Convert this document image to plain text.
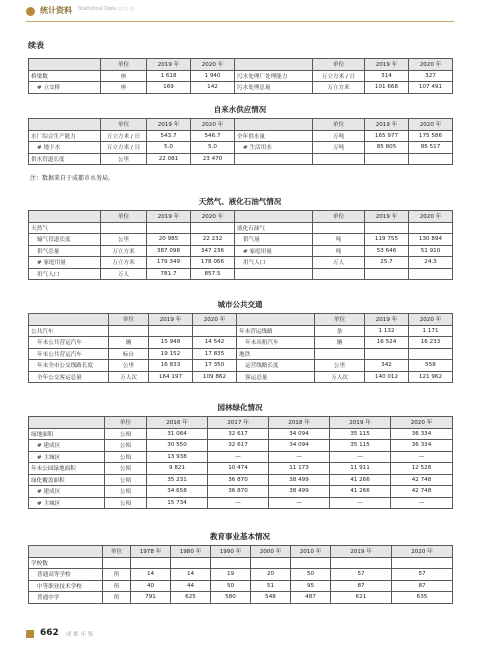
统计资料 Statistical Data ○ ○ ○
续表
	单位	2019 年	2020 年		单位	2019 年	2020 年
桥梁数	座	1 618	1 940	污水处理厂处理能力	万立方米 / 日	314	327
# 立交桥	座	169	142	污水处理总量	万立方米	101 668	107 491
自来水供应情况
	单位	2019 年	2020 年		单位	2019 年	2020 年
水厂综合生产能力	万立方米 / 日	543.7	546.7	全年供水量	万吨	165 977	175 586
# 地下水	万立方米 / 日	5.0	5.0	# 生活用水	万吨	85 805	85 517
供水管道长度	公里	22 081	23 470				
注：数据来自于成都市水务局。
天然气、液化石油气情况
	单位	2019 年	2020 年		单位	2019 年	2020 年
天然气				液化石油气			
输气管道长度	公里	20 985	22 232	供气量	吨	119 755	130 894
供气总量	万立方米	387 098	347 236	# 家庭用量	吨	53 646	51 910
# 家庭用量	万立方米	179 349	178 066	用气人口	万人	25.7	24.3
用气人口	万人	781.7	857.5				
城市公共交通
	单位	2019 年	2020 年		单位	2019 年	2020 年
公共汽车				年末营运线路	条	1 132	1 171
年末公共营运汽车	辆	15 948	14 542	年末出租汽车	辆	16 524	16 233
年末公共营运汽车	标台	19 152	17 835	地铁			
年末全市公交线路长度	公里	16 833	17 350	运营线路长度	公里	342	558
全年公交客运总量	万人次	164 197	109 862	客运总量	万人次	140 012	121 962
园林绿化情况
	单位	2016 年	2017 年	2018 年	2019 年	2020 年
绿地面积	公顷	31 084	32 617	34 094	35 115	36 334
# 建成区	公顷	30 550	32 617	34 094	35 115	36 334
# 主城区	公顷	13 938	—	—	—	—
年末公园绿地面积	公顷	9 821	10 474	11 173	11 911	12 528
绿化覆盖面积	公顷	35 231	36 870	38 499	41 266	42 748
# 建成区	公顷	34 658	36 870	38 499	41 266	42 748
# 主城区	公顷	15 734	—	—	—	—
教育事业基本情况
	单位	1978 年	1980 年	1990 年	2000 年	2010 年	2019 年	2020 年
学校数								
普通高等学校	所	14	14	19	20	50	57	57
中等职业技术学校	所	40	44	50	51	95	87	87
普通中学	所	791	625	580	548	487	621	635
662 成 都 年 鉴
